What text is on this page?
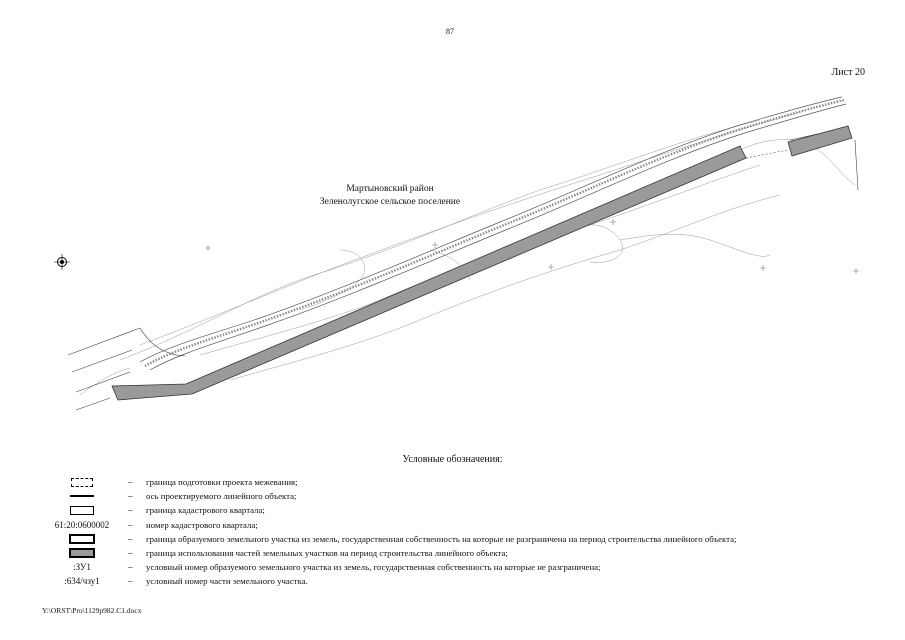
87
Лист 20
Мартыновский район
Зеленолугское сельское поселение
Условные обозначения:
– граница подготовки проекта межевания;
– ось проектируемого линейного объекта;
– граница кадастрового квартала;
61:20:0600002	– номер кадастрового квартала;
– граница образуемого земельного участка из земель, государственная собственность на которые не разграничена на период строительства линейного объекта;
– граница использования частей земельных участков на период строительства линейного объекта;
:ЗУ1	– условный номер образуемого земельного участка из земель, государственная собственность на которые не разграничена;
:634/чзу1	– условный номер части земельного участка.
Y:\ORST\Pro\1129р982.С1.docx
